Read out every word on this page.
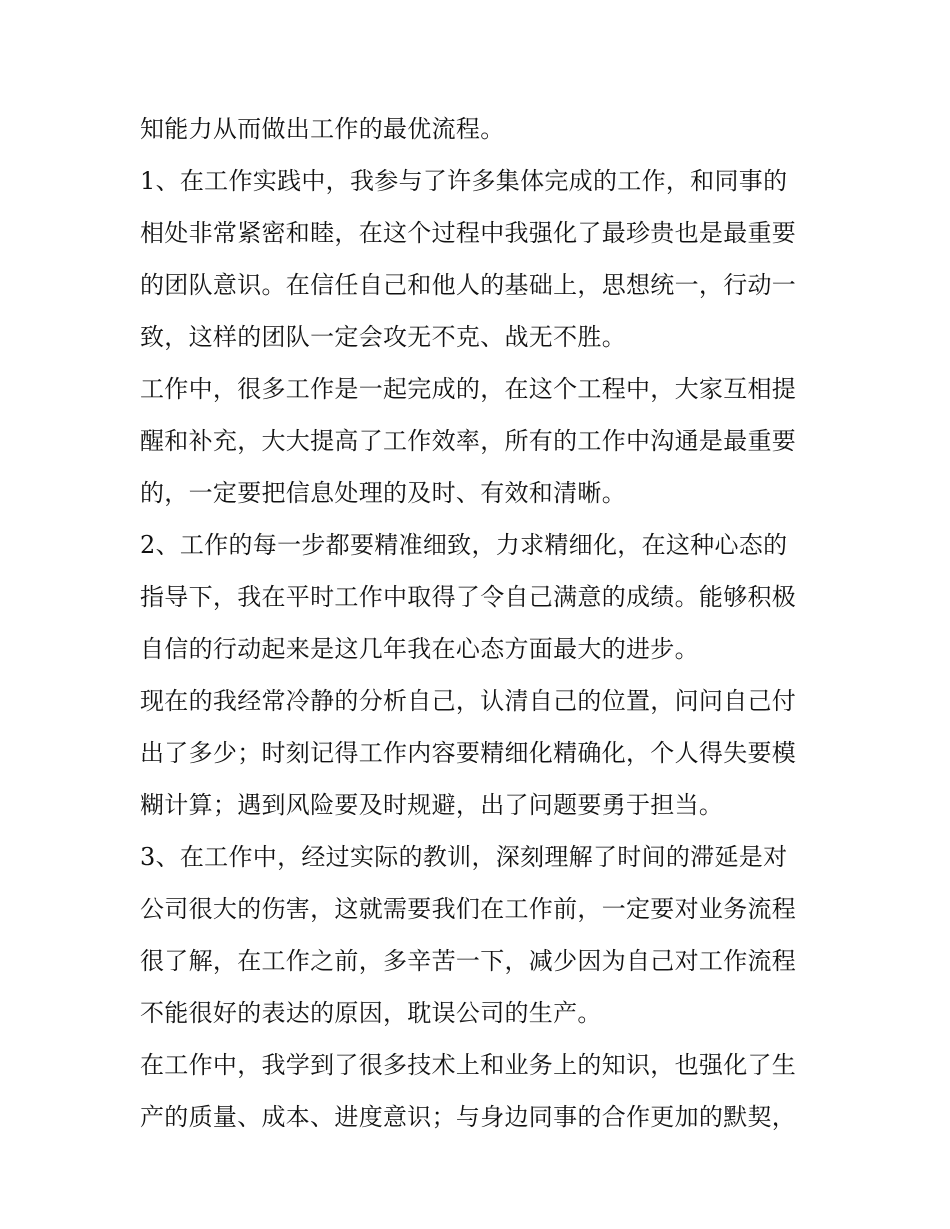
知能力从而做出工作的最优流程。
1、在工作实践中，我参与了许多集体完成的工作，和同事的
相处非常紧密和睦，在这个过程中我强化了最珍贵也是最重要
的团队意识。在信任自己和他人的基础上，思想统一，行动一
致，这样的团队一定会攻无不克、战无不胜。
工作中，很多工作是一起完成的，在这个工程中，大家互相提
醒和补充，大大提高了工作效率，所有的工作中沟通是最重要
的，一定要把信息处理的及时、有效和清晰。
2、工作的每一步都要精准细致，力求精细化，在这种心态的
指导下，我在平时工作中取得了令自己满意的成绩。能够积极
自信的行动起来是这几年我在心态方面最大的进步。
现在的我经常冷静的分析自己，认清自己的位置，问问自己付
出了多少；时刻记得工作内容要精细化精确化，个人得失要模
糊计算；遇到风险要及时规避，出了问题要勇于担当。
3、在工作中，经过实际的教训，深刻理解了时间的滞延是对
公司很大的伤害，这就需要我们在工作前，一定要对业务流程
很了解，在工作之前，多辛苦一下，减少因为自己对工作流程
不能很好的表达的原因，耽误公司的生产。
在工作中，我学到了很多技术上和业务上的知识，也强化了生
产的质量、成本、进度意识；与身边同事的合作更加的默契，
